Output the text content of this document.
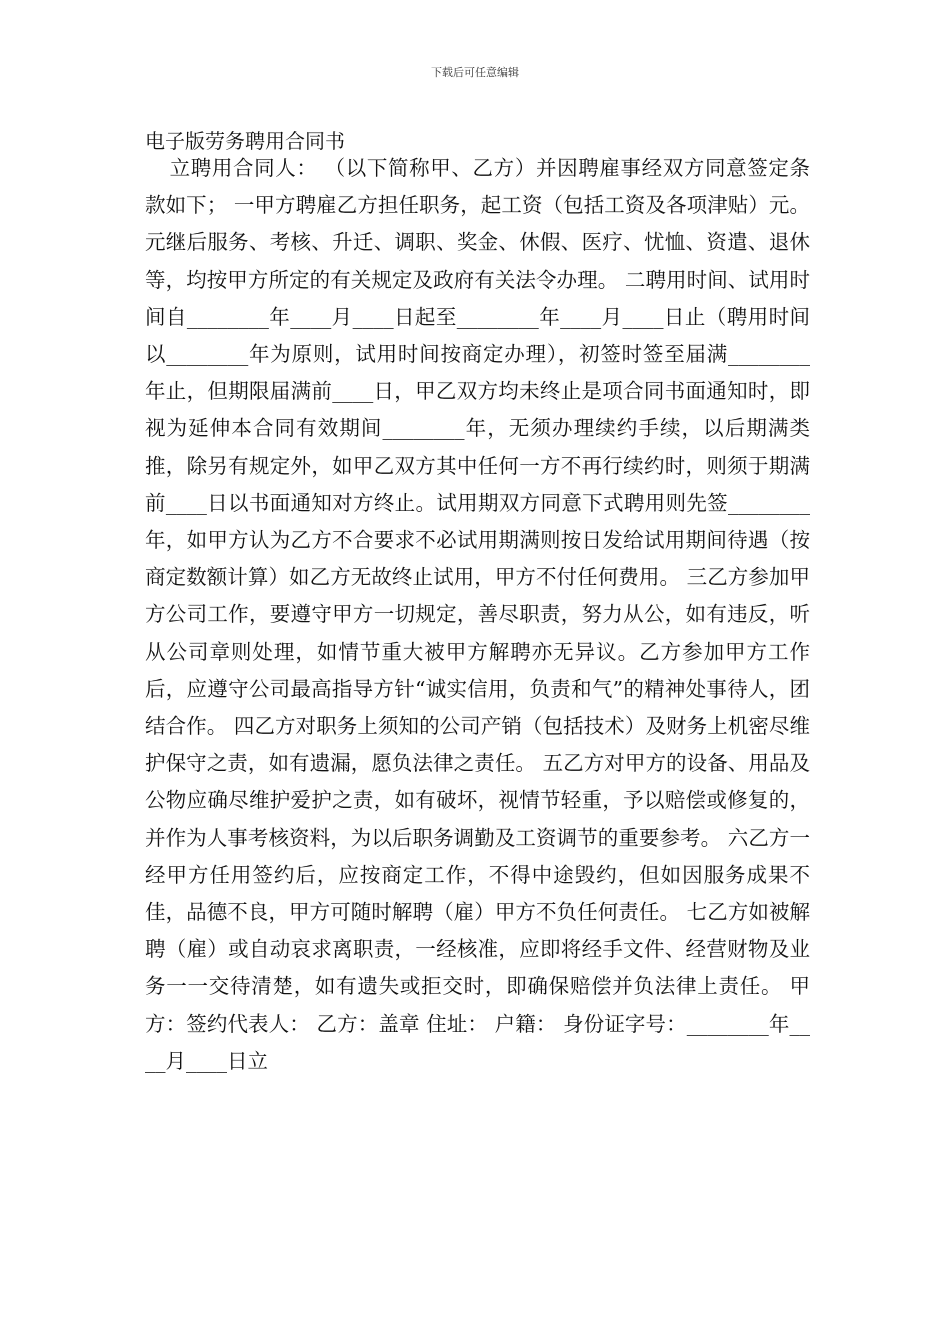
下载后可任意编辑
电子版劳务聘用合同书

立聘用合同人： （以下简称甲、乙方）并因聘雇事经双方同意签定条款如下； 一甲方聘雇乙方担任职务，起工资（包括工资及各项津贴）元。 元继后服务、考核、升迁、调职、奖金、休假、医疗、忧恤、资遣、退休等，均按甲方所定的有关规定及政府有关法令办理。 二聘用时间、试用时间自________年____月____日起至________年____月____日止（聘用时间以________年为原则，试用时间按商定办理），初签时签至届满________年止，但期限届满前____日，甲乙双方均未终止是项合同书面通知时，即视为延伸本合同有效期间________年，无须办理续约手续，以后期满类推，除另有规定外，如甲乙双方其中任何一方不再行续约时，则须于期满前____日以书面通知对方终止。试用期双方同意下式聘用则先签________年，如甲方认为乙方不合要求不必试用期满则按日发给试用期间待遇（按商定数额计算）如乙方无故终止试用，甲方不付任何费用。 三乙方参加甲方公司工作，要遵守甲方一切规定，善尽职责，努力从公，如有违反，听从公司章则处理，如情节重大被甲方解聘亦无异议。乙方参加甲方工作后，应遵守公司最高指导方针“诚实信用，负责和气”的精神处事待人，团结合作。 四乙方对职务上须知的公司产销（包括技术）及财务上机密尽维护保守之责，如有遗漏，愿负法律之责任。 五乙方对甲方的设备、用品及公物应确尽维护爱护之责，如有破坏，视情节轻重，予以赔偿或修复的，并作为人事考核资料，为以后职务调勤及工资调节的重要参考。 六乙方一经甲方任用签约后，应按商定工作，不得中途毁约，但如因服务成果不佳，品德不良，甲方可随时解聘（雇）甲方不负任何责任。 七乙方如被解聘（雇）或自动哀求离职责，一经核准，应即将经手文件、经营财物及业务一一交待清楚，如有遗失或拒交时，即确保赔偿并负法律上责任。 甲方：签约代表人： 乙方：盖章 住址： 户籍： 身份证字号：________年____月____日立
